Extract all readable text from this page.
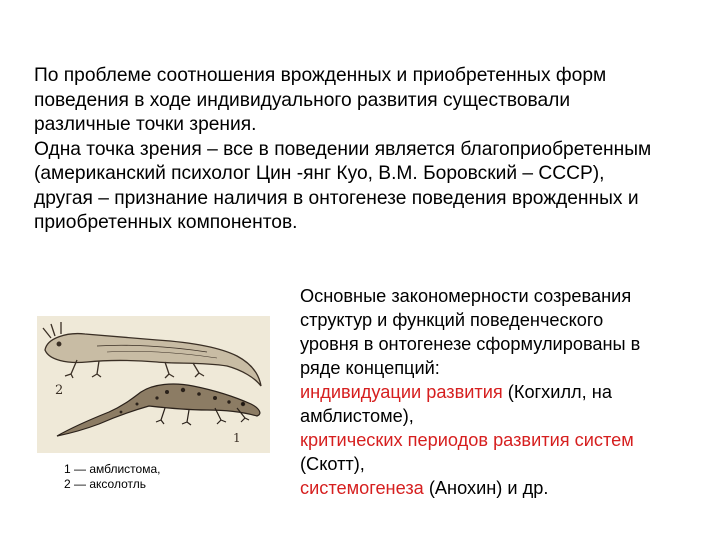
По проблеме соотношения врожденных и приобретенных форм

поведения в ходе индивидуального развития существовали

различные точки зрения.

Одна точка зрения – все в поведении является благоприобретенным

(американский психолог Цин -янг Куо, В.М. Боровский – СССР),

другая – признание наличия в онтогенезе поведения врожденных и

приобретенных компонентов.

2
1
1 — амблистома,
2 — аксолотль

Основные закономерности созревания

структур и функций поведенческого

уровня в онтогенезе сформулированы в

ряде концепций:

индивидуации развития (Когхилл, на

амблистоме),

критических периодов развития систем

(Скотт),

системогенеза (Анохин) и др.
